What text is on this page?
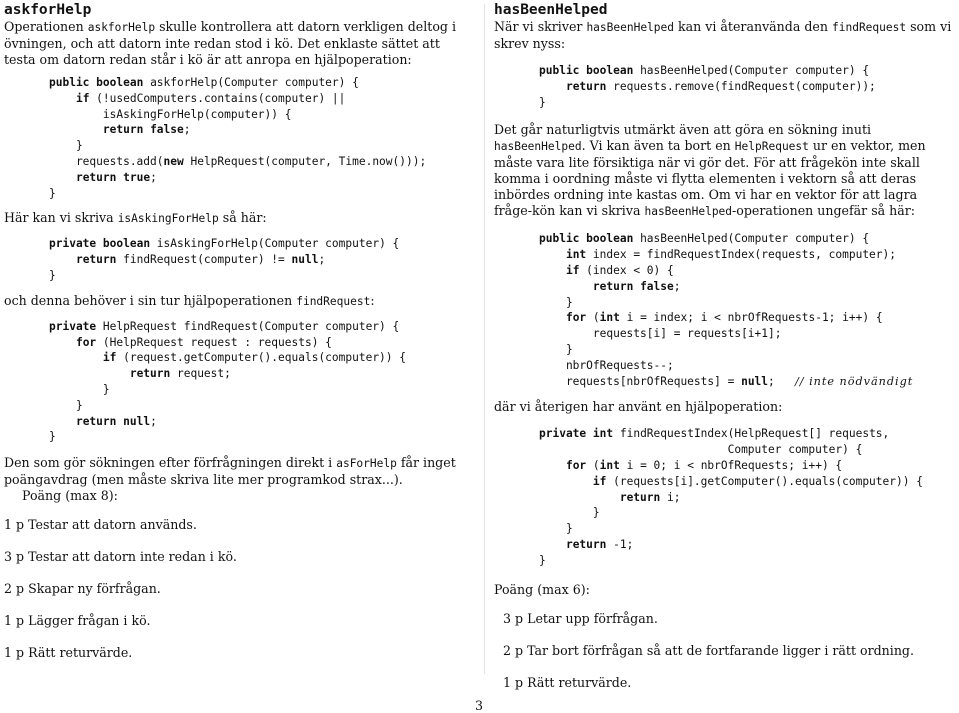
askforHelp

Operationen askforHelp skulle kontrollera att datorn verkligen deltog i övningen, och att datorn inte redan stod i kö. Det enklaste sättet att testa om datorn redan står i kö är att anropa en hjälpoperation:

public boolean askforHelp(Computer computer) {
if (!usedComputers.contains(computer) ||
isAskingForHelp(computer)) {
return false;
}
requests.add(new HelpRequest(computer, Time.now()));
return true;
}

Här kan vi skriva isAskingForHelp så här:

private boolean isAskingForHelp(Computer computer) {
return findRequest(computer) != null;
}

och denna behöver i sin tur hjälpoperationen findRequest:

private HelpRequest findRequest(Computer computer) {
for (HelpRequest request : requests) {
if (request.getComputer().equals(computer)) {
return request;
}
}
return null;
}

Den som gör sökningen efter förfrågningen direkt i asForHelp får inget poängavdrag (men måste skriva lite mer programkod strax...).

Poäng (max 8):

1 p Testar att datorn används.

3 p Testar att datorn inte redan i kö.

2 p Skapar ny förfrågan.

1 p Lägger frågan i kö.

1 p Rätt returvärde.

hasBeenHelped

När vi skriver hasBeenHelped kan vi återanvända den findRequest som vi skrev nyss:

public boolean hasBeenHelped(Computer computer) {
return requests.remove(findRequest(computer));
}

Det går naturligtvis utmärkt även att göra en sökning inuti hasBeenHelped. Vi kan även ta bort en HelpRequest ur en vektor, men måste vara lite försiktiga när vi gör det. För att frågekön inte skall komma i oordning måste vi flytta elementen i vektorn så att deras inbördes ordning inte kastas om. Om vi har en vektor för att lagra fråge-kön kan vi skriva hasBeenHelped-operationen ungefär så här:

public boolean hasBeenHelped(Computer computer) {
int index = findRequestIndex(requests, computer);
if (index < 0) {
return false;
}
for (int i = index; i < nbrOfRequests-1; i++) {
requests[i] = requests[i+1];
}
nbrOfRequests--;
requests[nbrOfRequests] = null;   // inte nödvändigt

där vi återigen har använt en hjälpoperation:

private int findRequestIndex(HelpRequest[] requests,
Computer computer) {
for (int i = 0; i < nbrOfRequests; i++) {
if (requests[i].getComputer().equals(computer)) {
return i;
}
}
return -1;
}

Poäng (max 6):

3 p Letar upp förfrågan.

2 p Tar bort förfrågan så att de fortfarande ligger i rätt ordning.

1 p Rätt returvärde.

3
